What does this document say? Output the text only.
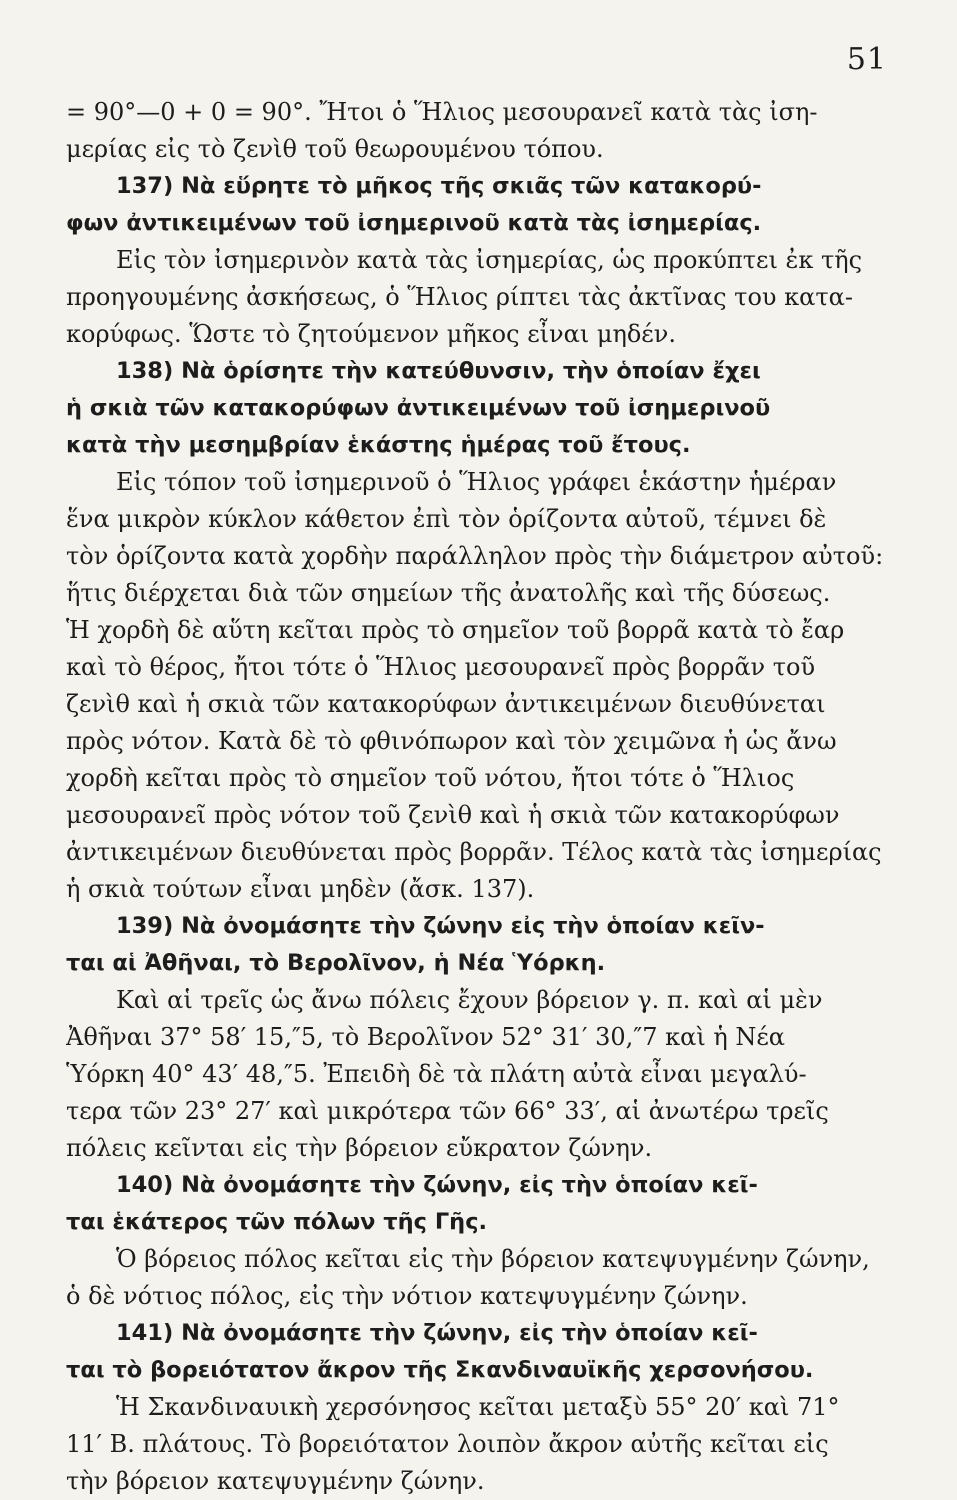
51
= 90°—0 + 0 = 90°. Ἤτοι ὁ Ἥλιος μεσουρανεῖ κατὰ τὰς ἰση-
μερίας εἰς τὸ ζενὶθ τοῦ θεωρουμένου τόπου.
137) Νὰ εὕρητε τὸ μῆκος τῆς σκιᾶς τῶν κατακορύ-
φων ἀντικειμένων τοῦ ἰσημερινοῦ κατὰ τὰς ἰσημερίας.
Εἰς τὸν ἰσημερινὸν κατὰ τὰς ἰσημερίας, ὡς προκύπτει ἐκ τῆς
προηγουμένης ἀσκήσεως, ὁ Ἥλιος ρίπτει τὰς ἀκτῖνας του κατα-
κορύφως. Ὥστε τὸ ζητούμενον μῆκος εἶναι μηδέν.
138) Νὰ ὁρίσητε τὴν κατεύθυνσιν, τὴν ὁποίαν ἔχει
ἡ σκιὰ τῶν κατακορύφων ἀντικειμένων τοῦ ἰσημερινοῦ
κατὰ τὴν μεσημβρίαν ἑκάστης ἡμέρας τοῦ ἔτους.
Εἰς τόπον τοῦ ἰσημερινοῦ ὁ Ἥλιος γράφει ἑκάστην ἡμέραν
ἕνα μικρὸν κύκλον κάθετον ἐπὶ τὸν ὁρίζοντα αὐτοῦ, τέμνει δὲ
τὸν ὁρίζοντα κατὰ χορδὴν παράλληλον πρὸς τὴν διάμετρον αὐτοῦ:
ἥτις διέρχεται διὰ τῶν σημείων τῆς ἀνατολῆς καὶ τῆς δύσεως.
Ἡ χορδὴ δὲ αὕτη κεῖται πρὸς τὸ σημεῖον τοῦ βορρᾶ κατὰ τὸ ἔαρ
καὶ τὸ θέρος, ἤτοι τότε ὁ Ἥλιος μεσουρανεῖ πρὸς βορρᾶν τοῦ
ζενὶθ καὶ ἡ σκιὰ τῶν κατακορύφων ἀντικειμένων διευθύνεται
πρὸς νότον. Κατὰ δὲ τὸ φθινόπωρον καὶ τὸν χειμῶνα ἡ ὡς ἄνω
χορδὴ κεῖται πρὸς τὸ σημεῖον τοῦ νότου, ἤτοι τότε ὁ Ἥλιος
μεσουρανεῖ πρὸς νότον τοῦ ζενὶθ καὶ ἡ σκιὰ τῶν κατακορύφων
ἀντικειμένων διευθύνεται πρὸς βορρᾶν. Τέλος κατὰ τὰς ἰσημερίας
ἡ σκιὰ τούτων εἶναι μηδὲν (ἄσκ. 137).
139) Νὰ ὀνομάσητε τὴν ζώνην εἰς τὴν ὁποίαν κεῖν-
ται αἱ Ἀθῆναι, τὸ Βερολῖνον, ἡ Νέα Ὑόρκη.
Καὶ αἱ τρεῖς ὡς ἄνω πόλεις ἔχουν βόρειον γ. π. καὶ αἱ μὲν
Ἀθῆναι 37° 58′ 15,″5, τὸ Βερολῖνον 52° 31′ 30,″7 καὶ ἡ Νέα
Ὑόρκη 40° 43′ 48,″5. Ἐπειδὴ δὲ τὰ πλάτη αὐτὰ εἶναι μεγαλύ-
τερα τῶν 23° 27′ καὶ μικρότερα τῶν 66° 33′, αἱ ἀνωτέρω τρεῖς
πόλεις κεῖνται εἰς τὴν βόρειον εὔκρατον ζώνην.
140) Νὰ ὀνομάσητε τὴν ζώνην, εἰς τὴν ὁποίαν κεῖ-
ται ἑκάτερος τῶν πόλων τῆς Γῆς.
Ὁ βόρειος πόλος κεῖται εἰς τὴν βόρειον κατεψυγμένην ζώνην,
ὁ δὲ νότιος πόλος, εἰς τὴν νότιον κατεψυγμένην ζώνην.
141) Νὰ ὀνομάσητε τὴν ζώνην, εἰς τὴν ὁποίαν κεῖ-
ται τὸ βορειότατον ἄκρον τῆς Σκανδιναυϊκῆς χερσονήσου.
Ἡ Σκανδιναυικὴ χερσόνησος κεῖται μεταξὺ 55° 20′ καὶ 71°
11′ Β. πλάτους. Τὸ βορειότατον λοιπὸν ἄκρον αὐτῆς κεῖται εἰς
τὴν βόρειον κατεψυγμένην ζώνην.
